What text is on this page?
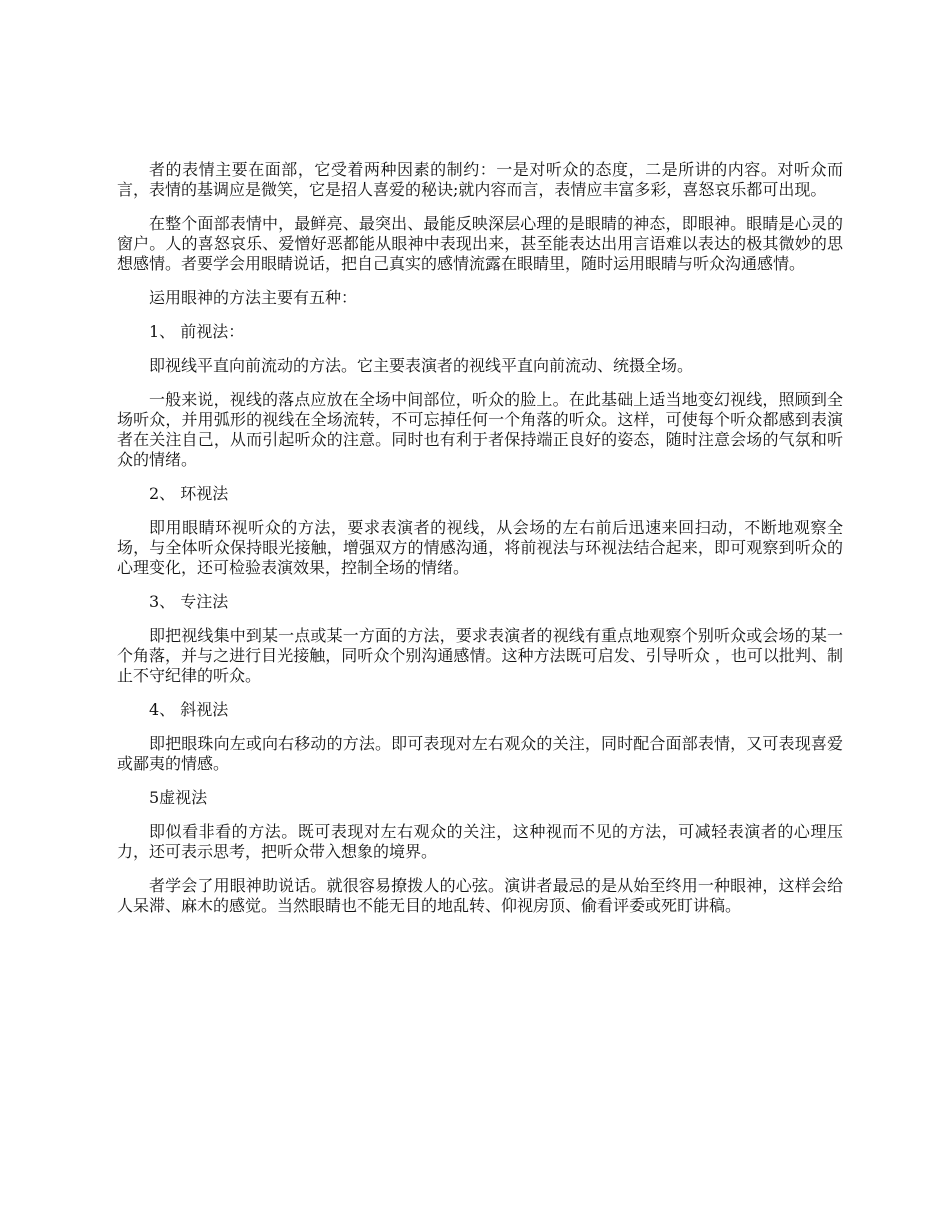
者的表情主要在面部，它受着两种因素的制约：一是对听众的态度，二是所讲的内容。对听众而言，表情的基调应是微笑，它是招人喜爱的秘诀;就内容而言，表情应丰富多彩，喜怒哀乐都可出现。

在整个面部表情中，最鲜亮、最突出、最能反映深层心理的是眼睛的神态，即眼神。眼睛是心灵的窗户。人的喜怒哀乐、爱憎好恶都能从眼神中表现出来，甚至能表达出用言语难以表达的极其微妙的思想感情。者要学会用眼睛说话，把自己真实的感情流露在眼睛里，随时运用眼睛与听众沟通感情。

运用眼神的方法主要有五种：

1、 前视法：

即视线平直向前流动的方法。它主要表演者的视线平直向前流动、统摄全场。

一般来说，视线的落点应放在全场中间部位，听众的脸上。在此基础上适当地变幻视线，照顾到全场听众，并用弧形的视线在全场流转，不可忘掉任何一个角落的听众。这样，可使每个听众都感到表演者在关注自己，从而引起听众的注意。同时也有利于者保持端正良好的姿态，随时注意会场的气氛和听众的情绪。

2、 环视法

即用眼睛环视听众的方法，要求表演者的视线，从会场的左右前后迅速来回扫动，不断地观察全场，与全体听众保持眼光接触，增强双方的情感沟通，将前视法与环视法结合起来，即可观察到听众的心理变化，还可检验表演效果，控制全场的情绪。

3、 专注法

即把视线集中到某一点或某一方面的方法，要求表演者的视线有重点地观察个别听众或会场的某一个角落，并与之进行目光接触，同听众个别沟通感情。这种方法既可启发、引导听众 ，也可以批判、制止不守纪律的听众。

4、 斜视法

即把眼珠向左或向右移动的方法。即可表现对左右观众的关注，同时配合面部表情，又可表现喜爱或鄙夷的情感。

5虚视法

即似看非看的方法。既可表现对左右观众的关注，这种视而不见的方法，可减轻表演者的心理压力，还可表示思考，把听众带入想象的境界。

者学会了用眼神助说话。就很容易撩拨人的心弦。演讲者最忌的是从始至终用一种眼神，这样会给人呆滞、麻木的感觉。当然眼睛也不能无目的地乱转、仰视房顶、偷看评委或死盯讲稿。
